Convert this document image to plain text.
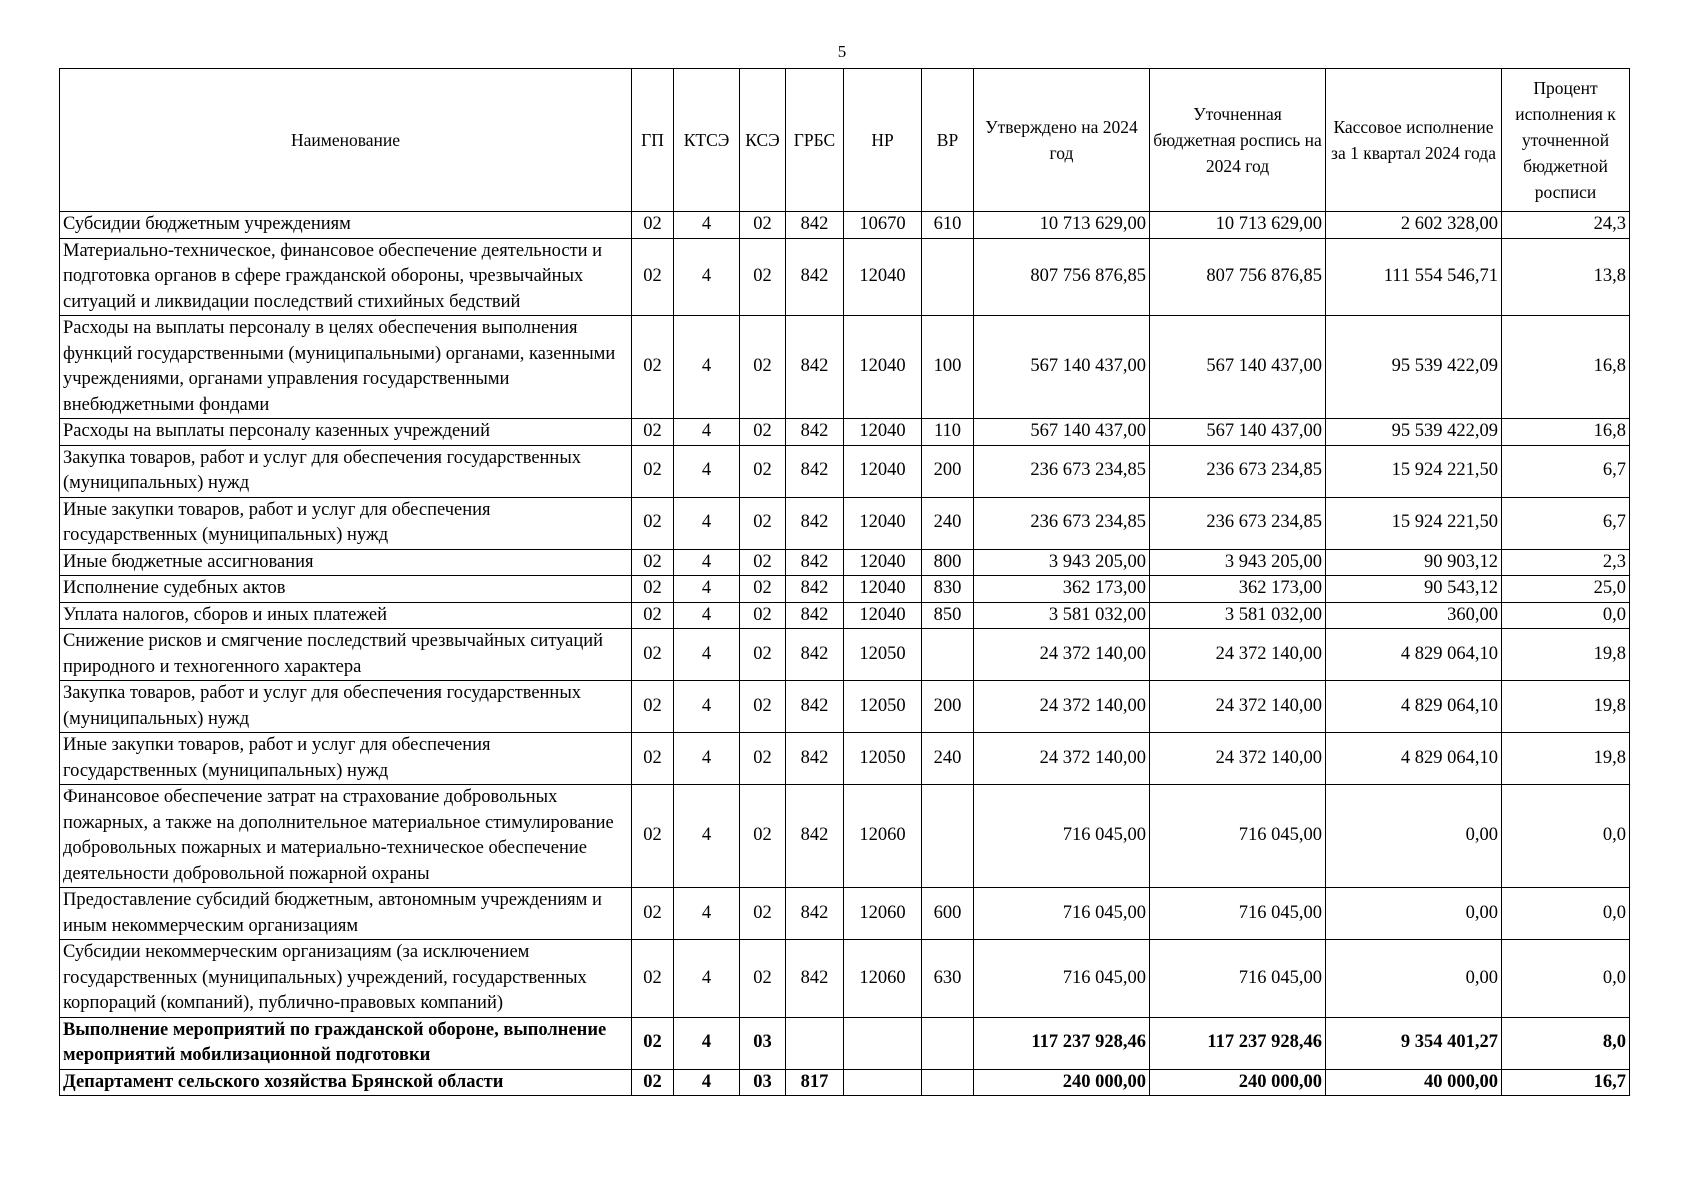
5
Наименование	ГП	КТСЭ	КСЭ	ГРБС	НР	ВР	Утверждено на 2024 год	Уточненная бюджетная роспись на 2024 год	Кассовое исполнение за 1 квартал 2024 года	Процент исполнения к уточненной бюджетной росписи
Субсидии бюджетным учреждениям	02	4	02	842	10670	610	10 713 629,00	10 713 629,00	2 602 328,00	24,3
Материально-техническое, финансовое обеспечение деятельности и подготовка органов в сфере гражданской обороны, чрезвычайных ситуаций и ликвидации последствий стихийных бедствий	02	4	02	842	12040		807 756 876,85	807 756 876,85	111 554 546,71	13,8
Расходы на выплаты персоналу в целях обеспечения выполнения функций государственными (муниципальными) органами, казенными учреждениями, органами управления государственными внебюджетными фондами	02	4	02	842	12040	100	567 140 437,00	567 140 437,00	95 539 422,09	16,8
Расходы на выплаты персоналу казенных учреждений	02	4	02	842	12040	110	567 140 437,00	567 140 437,00	95 539 422,09	16,8
Закупка товаров, работ и услуг для обеспечения государственных (муниципальных) нужд	02	4	02	842	12040	200	236 673 234,85	236 673 234,85	15 924 221,50	6,7
Иные закупки товаров, работ и услуг для обеспечения государственных (муниципальных) нужд	02	4	02	842	12040	240	236 673 234,85	236 673 234,85	15 924 221,50	6,7
Иные бюджетные ассигнования	02	4	02	842	12040	800	3 943 205,00	3 943 205,00	90 903,12	2,3
Исполнение судебных актов	02	4	02	842	12040	830	362 173,00	362 173,00	90 543,12	25,0
Уплата налогов, сборов и иных платежей	02	4	02	842	12040	850	3 581 032,00	3 581 032,00	360,00	0,0
Снижение рисков и смягчение последствий чрезвычайных ситуаций природного и техногенного характера	02	4	02	842	12050		24 372 140,00	24 372 140,00	4 829 064,10	19,8
Закупка товаров, работ и услуг для обеспечения государственных (муниципальных) нужд	02	4	02	842	12050	200	24 372 140,00	24 372 140,00	4 829 064,10	19,8
Иные закупки товаров, работ и услуг для обеспечения государственных (муниципальных) нужд	02	4	02	842	12050	240	24 372 140,00	24 372 140,00	4 829 064,10	19,8
Финансовое обеспечение затрат на страхование добровольных пожарных, а также на дополнительное материальное стимулирование добровольных пожарных и материально-техническое обеспечение деятельности добровольной пожарной охраны	02	4	02	842	12060		716 045,00	716 045,00	0,00	0,0
Предоставление субсидий бюджетным, автономным учреждениям и иным некоммерческим организациям	02	4	02	842	12060	600	716 045,00	716 045,00	0,00	0,0
Субсидии некоммерческим организациям (за исключением государственных (муниципальных) учреждений, государственных корпораций (компаний), публично-правовых компаний)	02	4	02	842	12060	630	716 045,00	716 045,00	0,00	0,0
Выполнение мероприятий по гражданской обороне, выполнение мероприятий мобилизационной подготовки	02	4	03				117 237 928,46	117 237 928,46	9 354 401,27	8,0
Департамент сельского хозяйства Брянской области	02	4	03	817			240 000,00	240 000,00	40 000,00	16,7
